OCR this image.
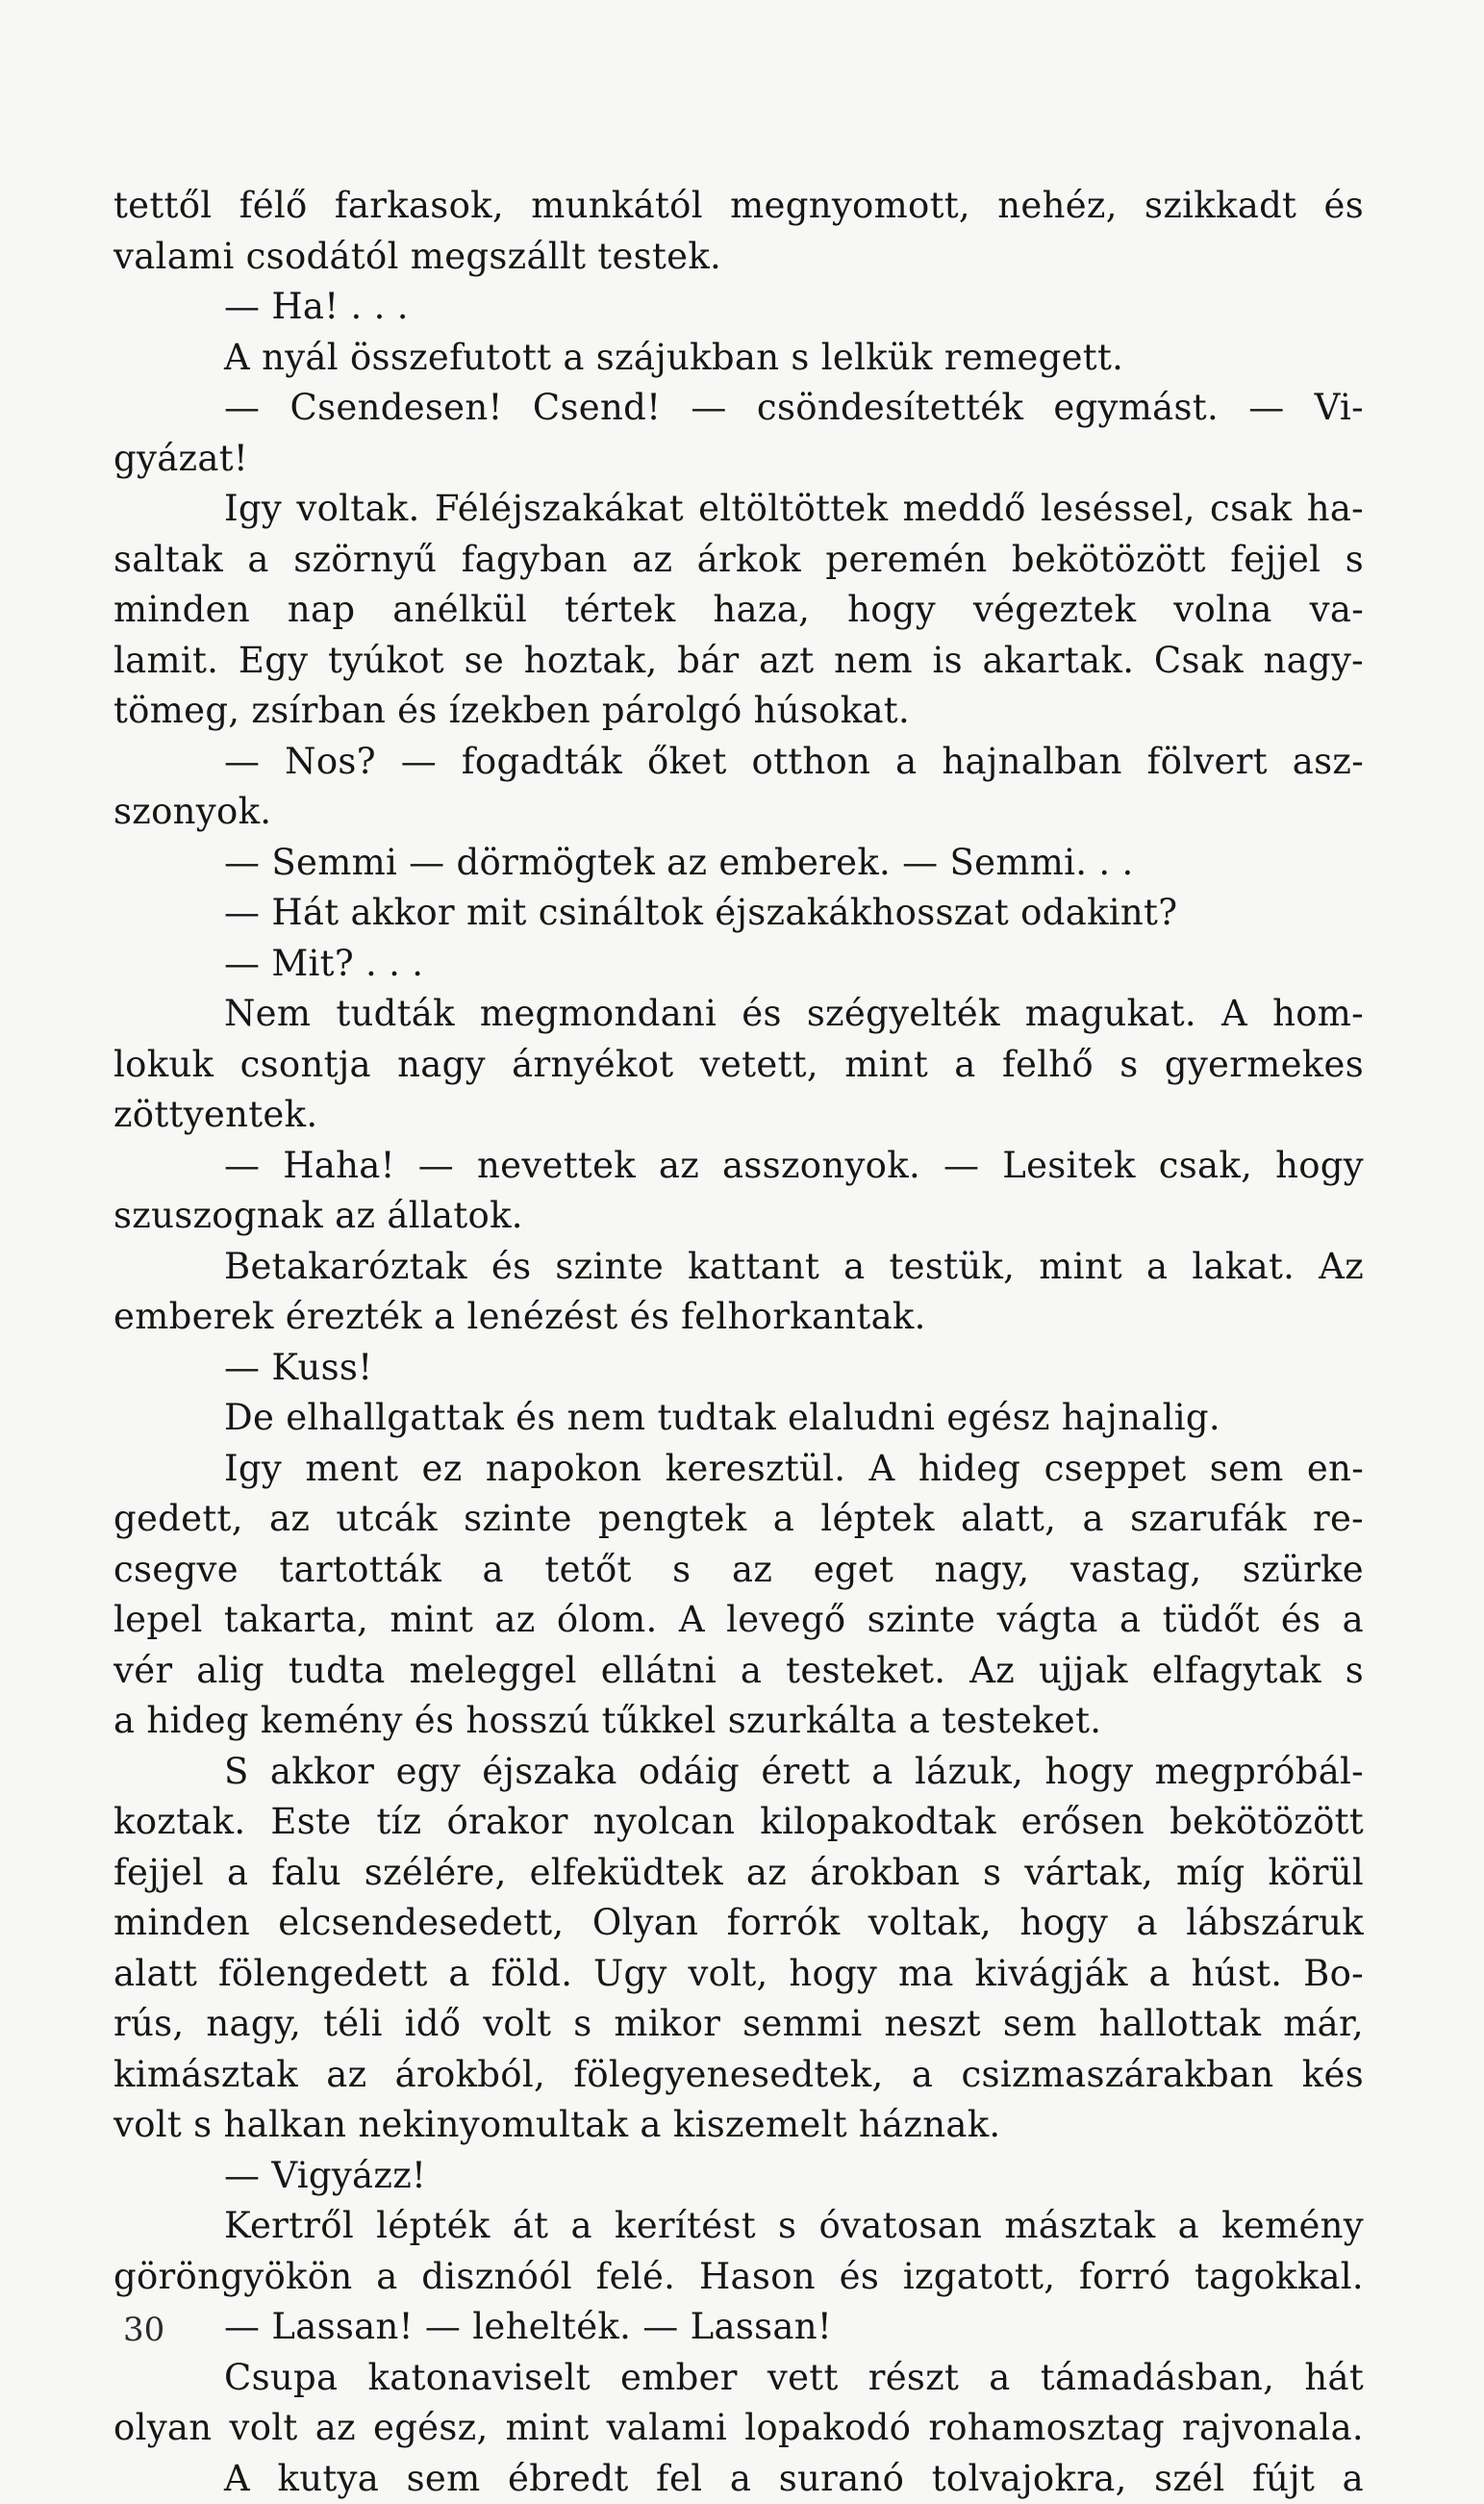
tettől félő farkasok, munkától megnyomott, nehéz, szikkadt és
valami csodától megszállt testek.
— Ha! . . .
A nyál összefutott a szájukban s lelkük remegett.
— Csendesen! Csend! — csöndesítették egymást. — Vi-
gyázat!
Igy voltak. Féléjszakákat eltöltöttek meddő leséssel, csak ha-
saltak a szörnyű fagyban az árkok peremén bekötözött fejjel s
minden nap anélkül tértek haza, hogy végeztek volna va-
lamit. Egy tyúkot se hoztak, bár azt nem is akartak. Csak nagy-
tömeg, zsírban és ízekben párolgó húsokat.
— Nos? — fogadták őket otthon a hajnalban fölvert asz-
szonyok.
— Semmi — dörmögtek az emberek. — Semmi. . .
— Hát akkor mit csináltok éjszakákhosszat odakint?
— Mit? . . .
Nem tudták megmondani és szégyelték magukat. A hom-
lokuk csontja nagy árnyékot vetett, mint a felhő s gyermekes
zöttyentek.
— Haha! — nevettek az asszonyok. — Lesitek csak, hogy
szuszognak az állatok.
Betakaróztak és szinte kattant a testük, mint a lakat. Az
emberek érezték a lenézést és felhorkantak.
— Kuss!
De elhallgattak és nem tudtak elaludni egész hajnalig.
Igy ment ez napokon keresztül. A hideg cseppet sem en-
gedett, az utcák szinte pengtek a léptek alatt, a szarufák re-
csegve tartották a tetőt s az eget nagy, vastag, szürke
lepel takarta, mint az ólom. A levegő szinte vágta a tüdőt és a
vér alig tudta meleggel ellátni a testeket. Az ujjak elfagytak s
a hideg kemény és hosszú tűkkel szurkálta a testeket.
S akkor egy éjszaka odáig érett a lázuk, hogy megpróbál-
koztak. Este tíz órakor nyolcan kilopakodtak erősen bekötözött
fejjel a falu szélére, elfeküdtek az árokban s vártak, míg körül
minden elcsendesedett, Olyan forrók voltak, hogy a lábszáruk
alatt fölengedett a föld. Ugy volt, hogy ma kivágják a húst. Bo-
rús, nagy, téli idő volt s mikor semmi neszt sem hallottak már,
kimásztak az árokból, fölegyenesedtek, a csizmaszárakban kés
volt s halkan nekinyomultak a kiszemelt háznak.
— Vigyázz!
Kertről lépték át a kerítést s óvatosan másztak a kemény
göröngyökön a disznóól felé. Hason és izgatott, forró tagokkal.
— Lassan! — lehelték. — Lassan!
Csupa katonaviselt ember vett részt a támadásban, hát
olyan volt az egész, mint valami lopakodó rohamosztag rajvonala.
A kutya sem ébredt fel a suranó tolvajokra, szél fújt a
30
